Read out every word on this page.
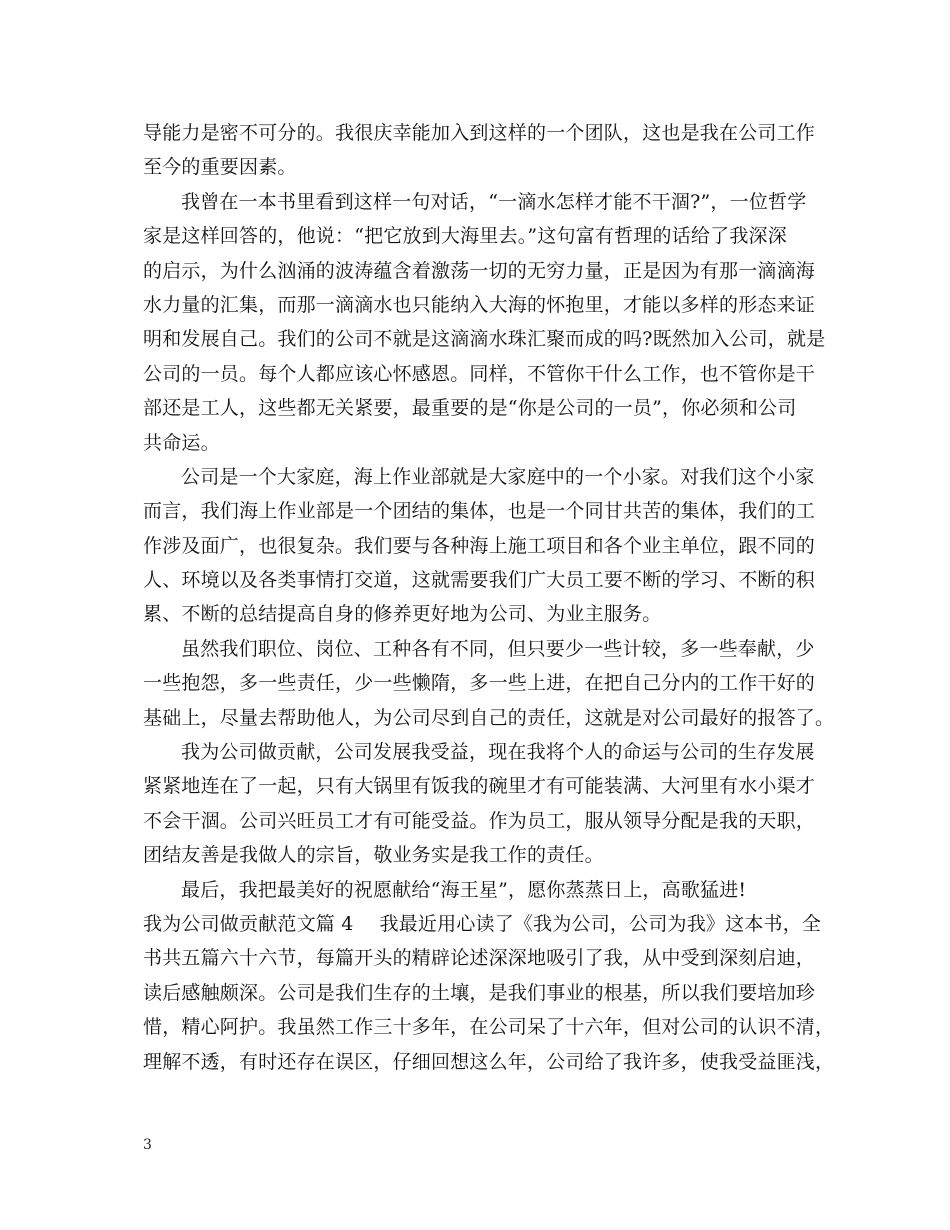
导能力是密不可分的。我很庆幸能加入到这样的一个团队，这也是我在公司工作
至今的重要因素。
我曾在一本书里看到这样一句对话，“一滴水怎样才能不干涸?”，一位哲学
家是这样回答的，他说：“把它放到大海里去。”这句富有哲理的话给了我深深
的启示，为什么汹涌的波涛蕴含着激荡一切的无穷力量，正是因为有那一滴滴海
水力量的汇集，而那一滴滴水也只能纳入大海的怀抱里，才能以多样的形态来证
明和发展自己。我们的公司不就是这滴滴水珠汇聚而成的吗?既然加入公司，就是
公司的一员。每个人都应该心怀感恩。同样，不管你干什么工作，也不管你是干
部还是工人，这些都无关紧要，最重要的是“你是公司的一员”，你必须和公司
共命运。
公司是一个大家庭，海上作业部就是大家庭中的一个小家。对我们这个小家
而言，我们海上作业部是一个团结的集体，也是一个同甘共苦的集体，我们的工
作涉及面广，也很复杂。我们要与各种海上施工项目和各个业主单位，跟不同的
人、环境以及各类事情打交道，这就需要我们广大员工要不断的学习、不断的积
累、不断的总结提高自身的修养更好地为公司、为业主服务。
虽然我们职位、岗位、工种各有不同，但只要少一些计较，多一些奉献，少
一些抱怨，多一些责任，少一些懒隋，多一些上进，在把自己分内的工作干好的
基础上，尽量去帮助他人，为公司尽到自己的责任，这就是对公司最好的报答了。
我为公司做贡献，公司发展我受益，现在我将个人的命运与公司的生存发展
紧紧地连在了一起，只有大锅里有饭我的碗里才有可能装满、大河里有水小渠才
不会干涸。公司兴旺员工才有可能受益。作为员工，服从领导分配是我的天职，
团结友善是我做人的宗旨，敬业务实是我工作的责任。
最后，我把最美好的祝愿献给“海王星”，愿你蒸蒸日上，高歌猛进!
我为公司做贡献范文篇 4 我最近用心读了《我为公司，公司为我》这本书，全
书共五篇六十六节，每篇开头的精辟论述深深地吸引了我，从中受到深刻启迪，
读后感触颇深。公司是我们生存的土壤，是我们事业的根基，所以我们要培加珍
惜，精心阿护。我虽然工作三十多年，在公司呆了十六年，但对公司的认识不清，
理解不透，有时还存在误区，仔细回想这么年，公司给了我许多，使我受益匪浅，
3
